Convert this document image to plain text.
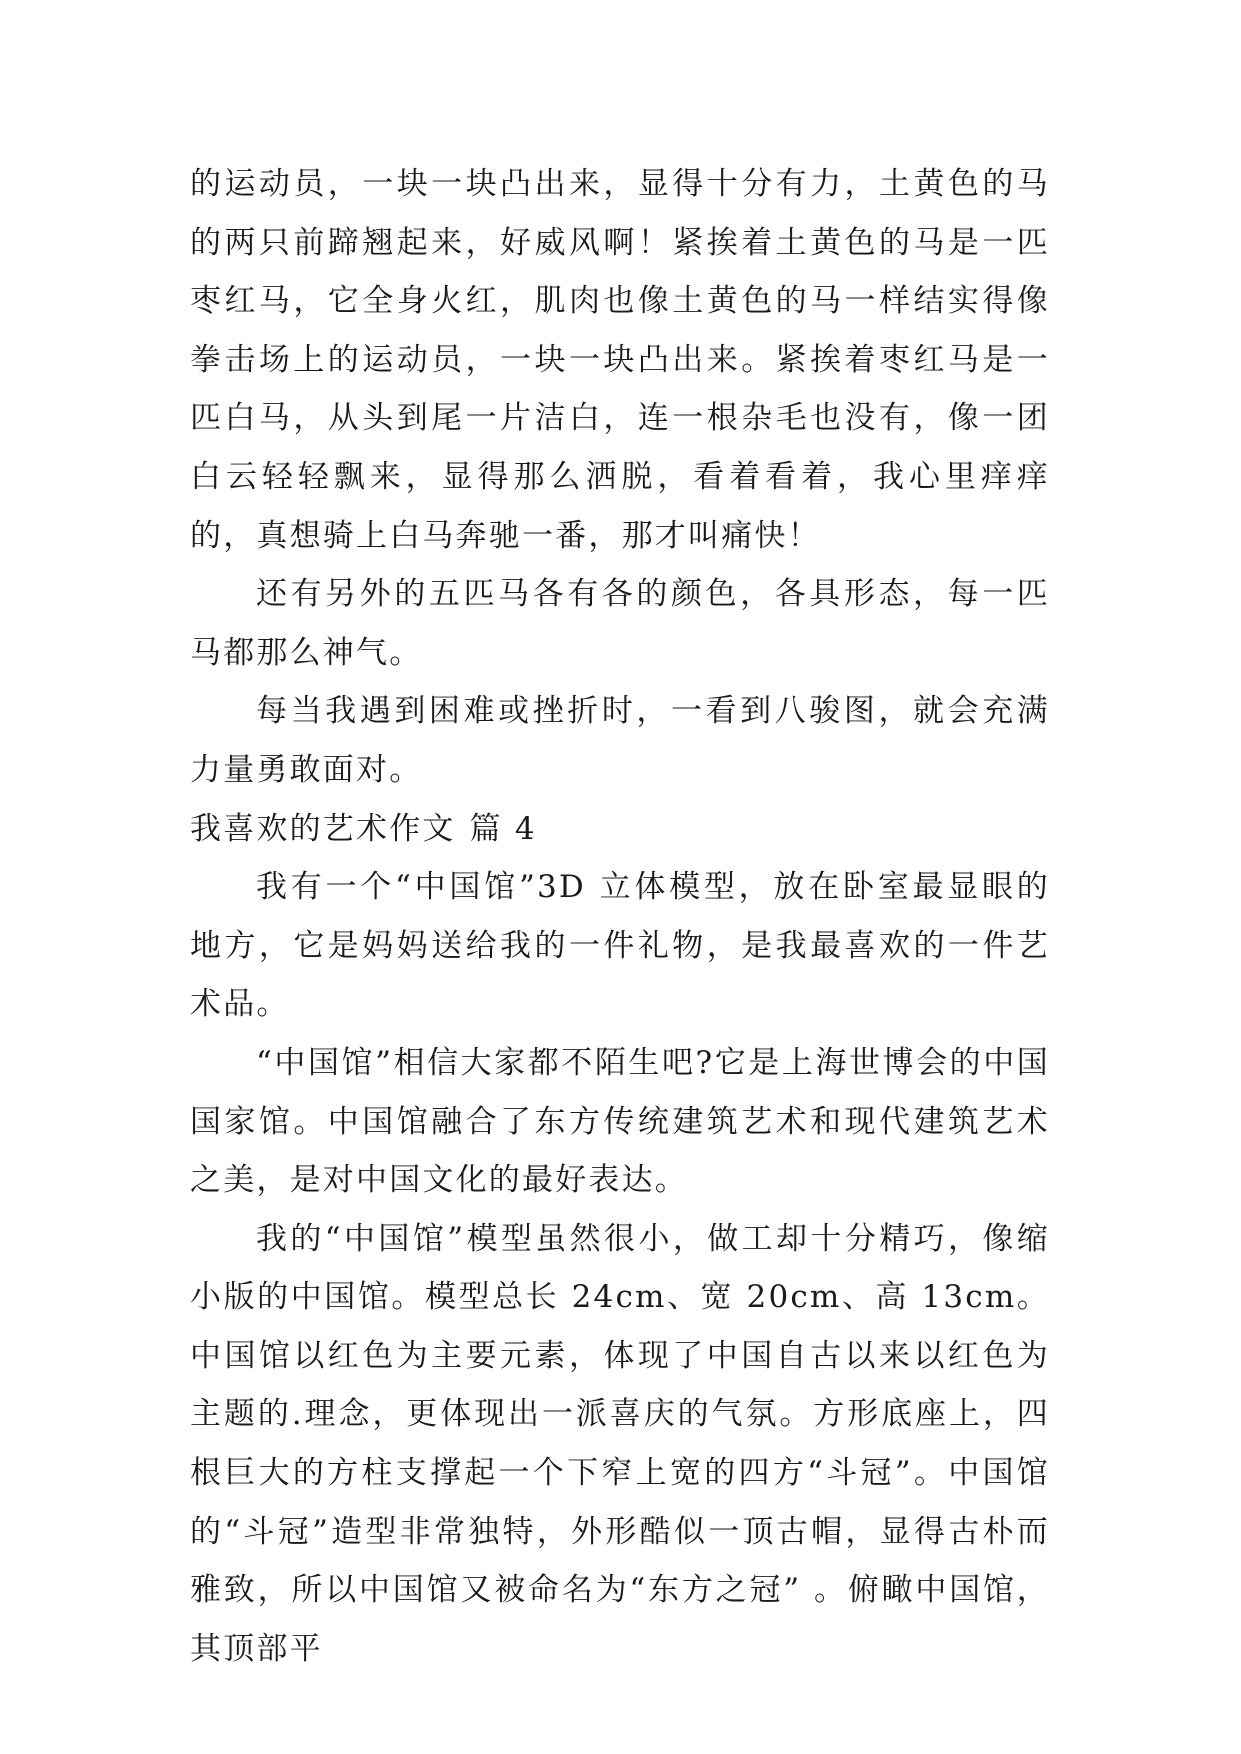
的运动员，一块一块凸出来，显得十分有力，土黄色的马的两只前蹄翘起来，好威风啊！紧挨着土黄色的马是一匹枣红马，它全身火红，肌肉也像土黄色的马一样结实得像拳击场上的运动员，一块一块凸出来。紧挨着枣红马是一匹白马，从头到尾一片洁白，连一根杂毛也没有，像一团白云轻轻飘来，显得那么洒脱，看着看着，我心里痒痒的，真想骑上白马奔驰一番，那才叫痛快！

还有另外的五匹马各有各的颜色，各具形态，每一匹马都那么神气。

每当我遇到困难或挫折时，一看到八骏图，就会充满力量勇敢面对。

我喜欢的艺术作文 篇 4

我有一个“中国馆”3D 立体模型，放在卧室最显眼的地方，它是妈妈送给我的一件礼物，是我最喜欢的一件艺术品。

“中国馆”相信大家都不陌生吧?它是上海世博会的中国国家馆。中国馆融合了东方传统建筑艺术和现代建筑艺术之美，是对中国文化的最好表达。

我的“中国馆”模型虽然很小，做工却十分精巧，像缩小版的中国馆。模型总长 24cm、宽 20cm、高 13cm。中国馆以红色为主要元素，体现了中国自古以来以红色为主题的.理念，更体现出一派喜庆的气氛。方形底座上，四根巨大的方柱支撑起一个下窄上宽的四方“斗冠”。中国馆的“斗冠”造型非常独特，外形酷似一顶古帽，显得古朴而雅致，所以中国馆又被命名为“东方之冠” 。俯瞰中国馆，其顶部平
